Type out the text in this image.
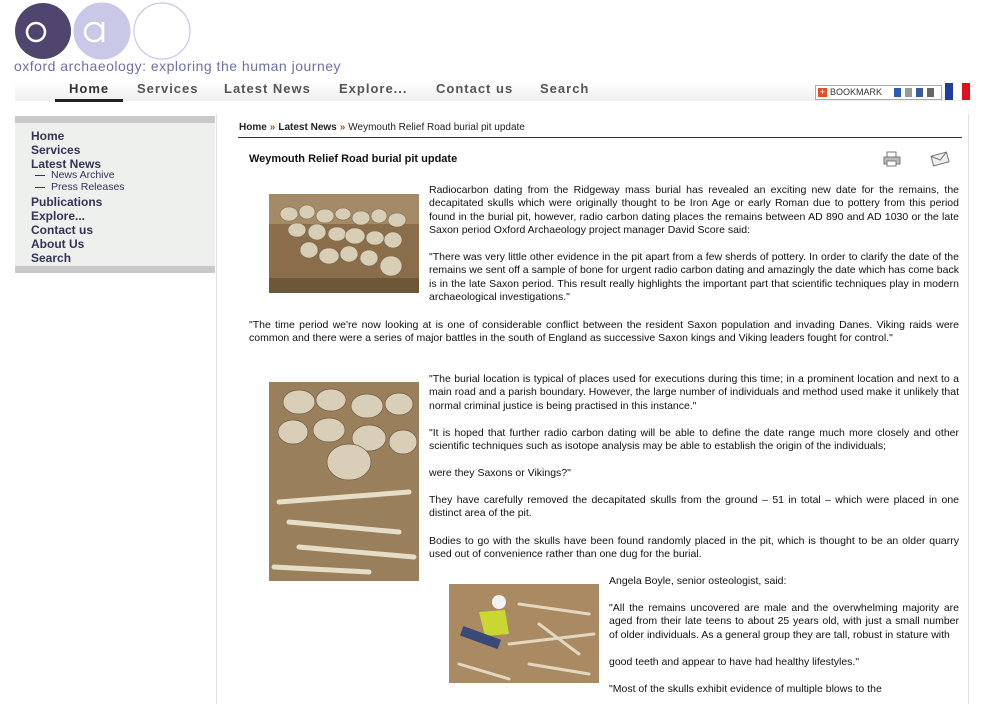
oxford archaeology: exploring the human journey
Home	Services Latest News Explore... Contact us Search	+ BOOKMARK
Home
Services
Latest News
News Archive
Press Releases
Publications
Explore...
Contact us
About Us
Search
Home » Latest News » Weymouth Relief Road burial pit update
Weymouth Relief Road burial pit update

Radiocarbon dating from the Ridgeway mass burial has revealed an exciting new date for the remains, the decapitated skulls which were originally thought to be Iron Age or early Roman due to pottery from this period found in the burial pit, however, radio carbon dating places the remains between AD 890 and AD 1030 or the late Saxon period Oxford Archaeology project manager David Score said:

"There was very little other evidence in the pit apart from a few sherds of pottery. In order to clarify the date of the remains we sent off a sample of bone for urgent radio carbon dating and amazingly the date which has come back is in the late Saxon period. This result really highlights the important part that scientific techniques play in modern archaeological investigations."

"The time period we're now looking at is one of considerable conflict between the resident Saxon population and invading Danes. Viking raids were common and there were a series of major battles in the south of England as successive Saxon kings and Viking leaders fought for control."

"The burial location is typical of places used for executions during this time; in a prominent location and next to a main road and a parish boundary. However, the large number of individuals and method used make it unlikely that normal criminal justice is being practised in this instance."

"It is hoped that further radio carbon dating will be able to define the date range much more closely and other scientific techniques such as isotope analysis may be able to establish the origin of the individuals;

were they Saxons or Vikings?"

They have carefully removed the decapitated skulls from the ground – 51 in total – which were placed in one distinct area of the pit.

Bodies to go with the skulls have been found randomly placed in the pit, which is thought to be an older quarry used out of convenience rather than one dug for the burial.

Angela Boyle, senior osteologist, said:

"All the remains uncovered are male and the overwhelming majority are aged from their late teens to about 25 years old, with just a small number of older individuals. As a general group they are tall, robust in stature with

good teeth and appear to have had healthy lifestyles."

"Most of the skulls exhibit evidence of multiple blows to the
